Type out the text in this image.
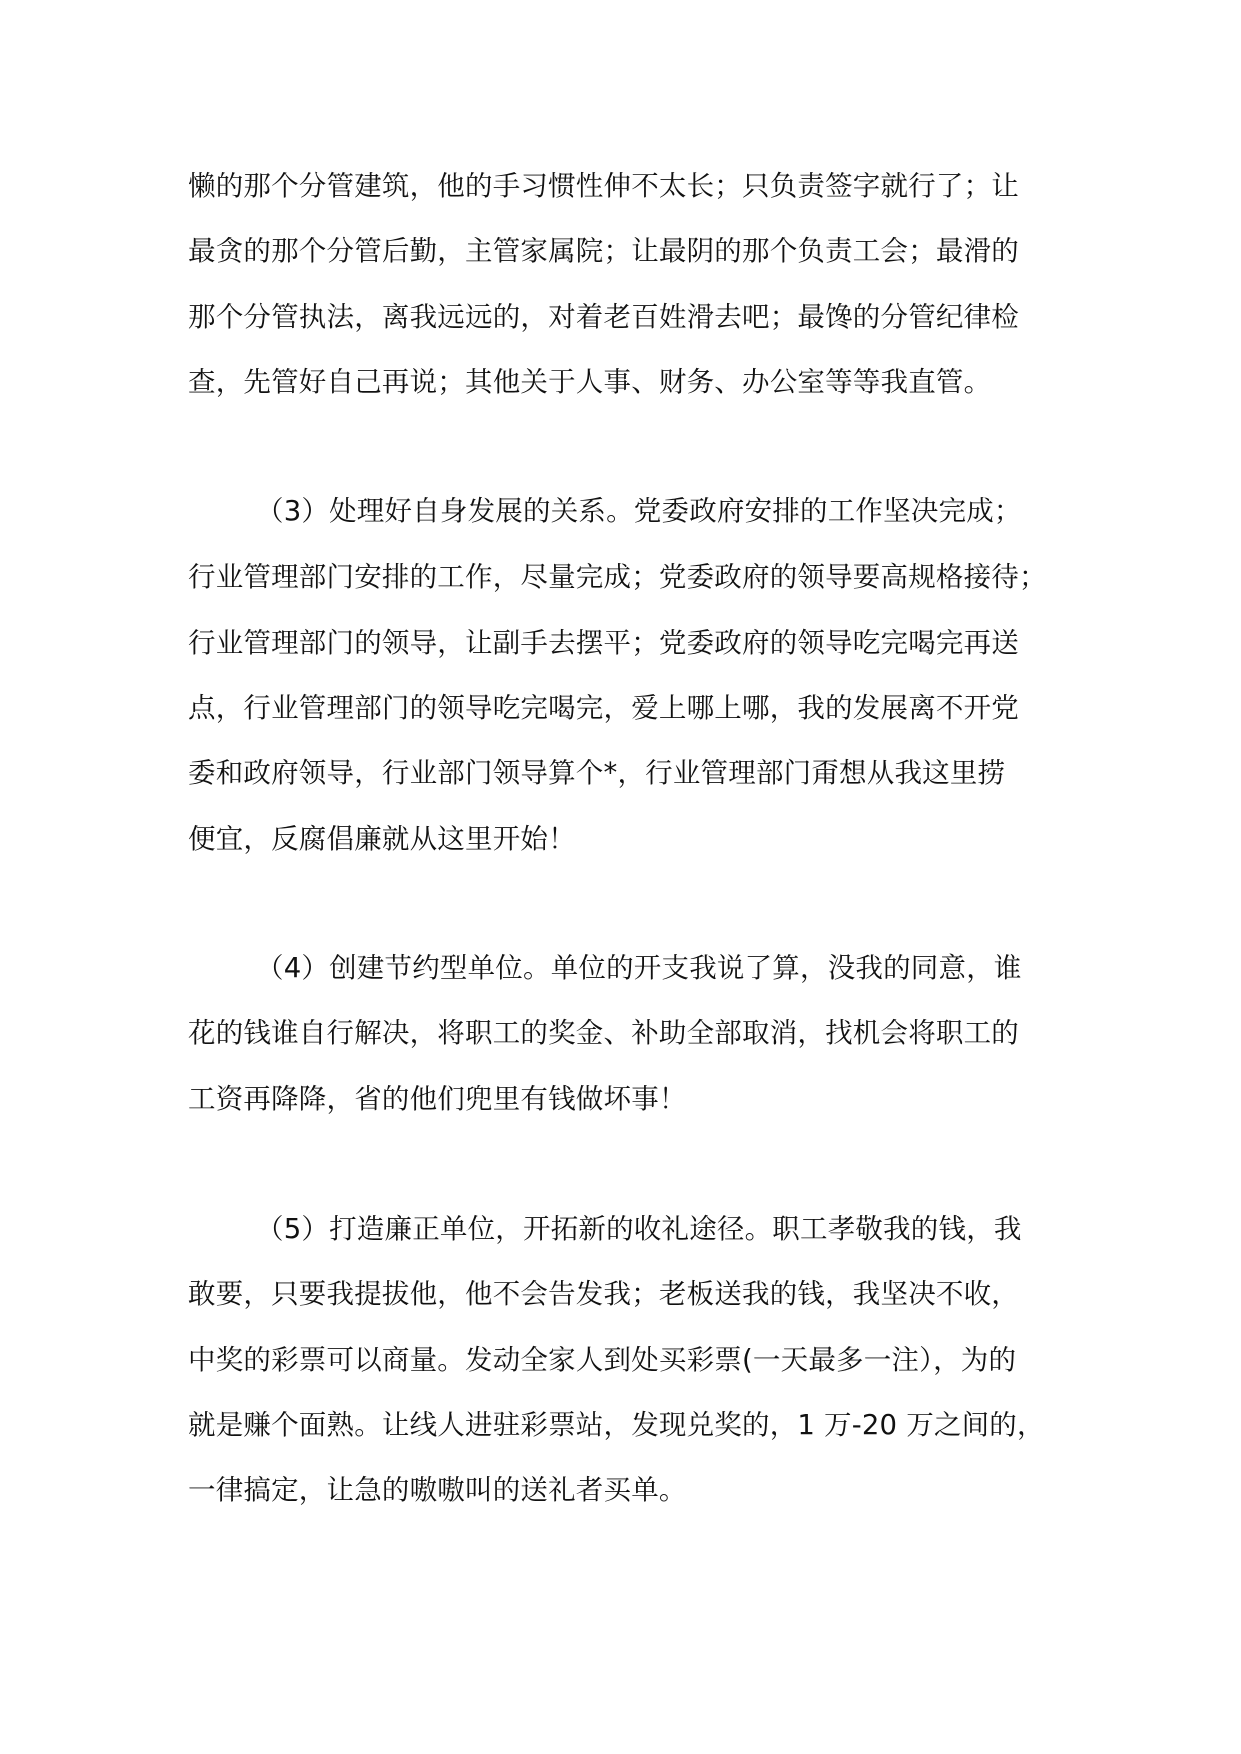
懒的那个分管建筑，他的手习惯性伸不太长；只负责签字就行了；让
最贪的那个分管后勤，主管家属院；让最阴的那个负责工会；最滑的
那个分管执法，离我远远的，对着老百姓滑去吧；最馋的分管纪律检
查，先管好自己再说；其他关于人事、财务、办公室等等我直管。
（3）处理好自身发展的关系。党委政府安排的工作坚决完成；
行业管理部门安排的工作，尽量完成；党委政府的领导要高规格接待；
行业管理部门的领导，让副手去摆平；党委政府的领导吃完喝完再送
点，行业管理部门的领导吃完喝完，爱上哪上哪，我的发展离不开党
委和政府领导，行业部门领导算个*，行业管理部门甭想从我这里捞
便宜，反腐倡廉就从这里开始！
（4）创建节约型单位。单位的开支我说了算，没我的同意，谁
花的钱谁自行解决，将职工的奖金、补助全部取消，找机会将职工的
工资再降降，省的他们兜里有钱做坏事！
（5）打造廉正单位，开拓新的收礼途径。职工孝敬我的钱，我
敢要，只要我提拔他，他不会告发我；老板送我的钱，我坚决不收，
中奖的彩票可以商量。发动全家人到处买彩票(一天最多一注），为的
就是赚个面熟。让线人进驻彩票站，发现兑奖的，1 万-20 万之间的，
一律搞定，让急的嗷嗷叫的送礼者买单。
